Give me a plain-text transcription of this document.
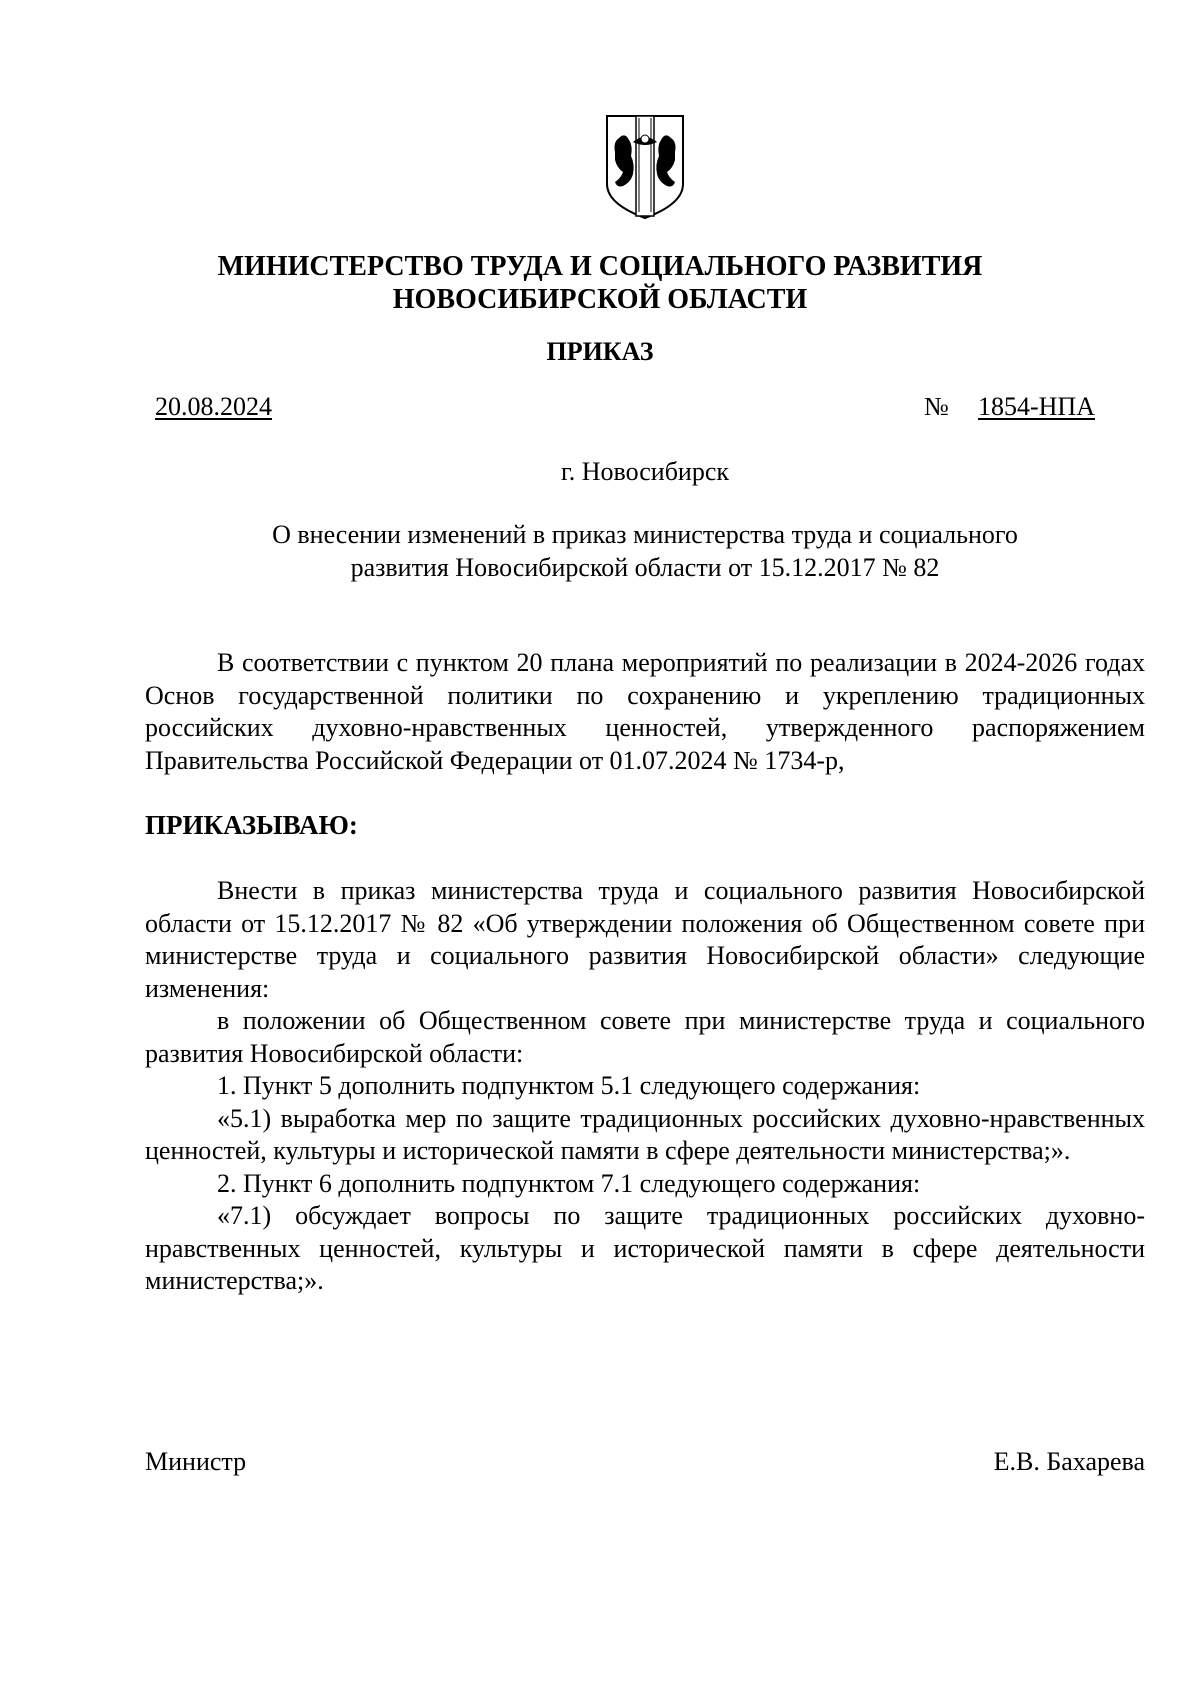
МИНИСТЕРСТВО ТРУДА И СОЦИАЛЬНОГО РАЗВИТИЯ
НОВОСИБИРСКОЙ ОБЛАСТИ
ПРИКАЗ
20.08.2024	№ 1854-НПА
г. Новосибирск
О внесении изменений в приказ министерства труда и социального
развития Новосибирской области от 15.12.2017 № 82
В соответствии с пунктом 20 плана мероприятий по реализации в 2024-2026 годах Основ государственной политики по сохранению и укреплению традиционных российских духовно-нравственных ценностей, утвержденного распоряжением Правительства Российской Федерации от 01.07.2024 № 1734-р,
ПРИКАЗЫВАЮ:

Внести в приказ министерства труда и социального развития Новосибирской области от 15.12.2017 № 82 «Об утверждении положения об Общественном совете при министерстве труда и социального развития Новосибирской области» следующие изменения:

в положении об Общественном совете при министерстве труда и социального развития Новосибирской области:

1. Пункт 5 дополнить подпунктом 5.1 следующего содержания:

«5.1) выработка мер по защите традиционных российских духовно-нравственных ценностей, культуры и исторической памяти в сфере деятельности министерства;».

2. Пункт 6 дополнить подпунктом 7.1 следующего содержания:

«7.1) обсуждает вопросы по защите традиционных российских духовно-нравственных ценностей, культуры и исторической памяти в сфере деятельности министерства;».

Министр	Е.В. Бахарева
